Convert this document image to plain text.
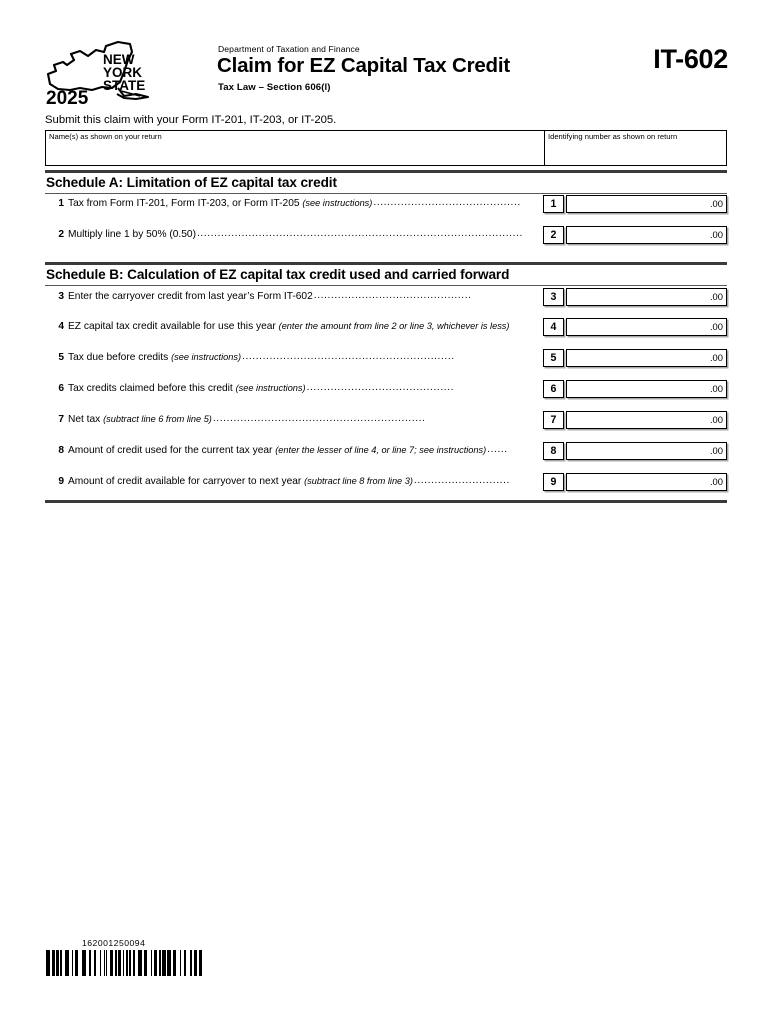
NEW
YORK
STATE
2025
Department of Taxation and Finance
Claim for EZ Capital Tax Credit
Tax Law – Section 606(l)
IT-602
Submit this claim with your Form IT-201, IT-203, or IT-205.
Name(s) as shown on your return	Identifying number as shown on return
Schedule A: Limitation of EZ capital tax credit
1 Tax from Form IT-201, Form IT-203, or Form IT-205 (see instructions) ...........................................	1	.00
2 Multiply line 1 by 50% (0.50) ...............................................................................................	2	.00
Schedule B: Calculation of EZ capital tax credit used and carried forward
3 Enter the carryover credit from last year’s Form IT-602 ..............................................	3	.00
4 EZ capital tax credit available for use this year (enter the amount from line 2 or line 3, whichever is less)	4	.00
5 Tax due before credits (see instructions) ..............................................................	5	.00
6 Tax credits claimed before this credit (see instructions) ...........................................	6	.00
7 Net tax (subtract line 6 from line 5) ..............................................................	7	.00
8 Amount of credit used for the current tax year (enter the lesser of line 4, or line 7; see instructions) ......	8	.00
9 Amount of credit available for carryover to next year (subtract line 8 from line 3) ............................	9	.00
162001250094
